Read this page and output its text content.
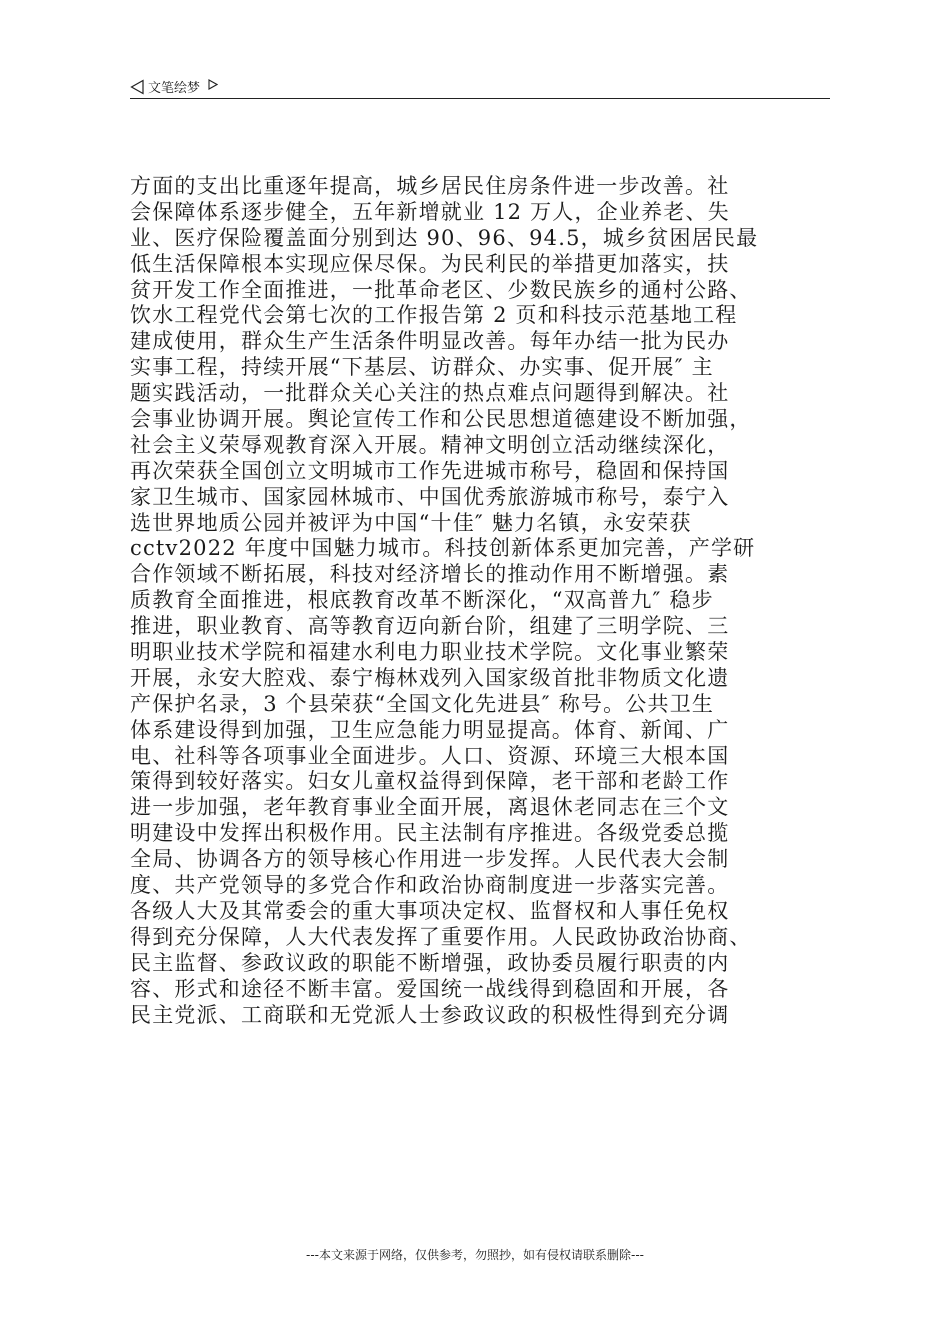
文笔绘梦
方面的支出比重逐年提高，城乡居民住房条件进一步改善。社
会保障体系逐步健全，五年新增就业 12 万人，企业养老、失
业、医疗保险覆盖面分别到达 90、96、94.5，城乡贫困居民最
低生活保障根本实现应保尽保。为民利民的举措更加落实，扶
贫开发工作全面推进，一批革命老区、少数民族乡的通村公路、
饮水工程党代会第七次的工作报告第 2 页和科技示范基地工程
建成使用，群众生产生活条件明显改善。每年办结一批为民办
实事工程，持续开展“下基层、访群众、办实事、促开展″ 主
题实践活动，一批群众关心关注的热点难点问题得到解决。社
会事业协调开展。舆论宣传工作和公民思想道德建设不断加强，
社会主义荣辱观教育深入开展。精神文明创立活动继续深化，
再次荣获全国创立文明城市工作先进城市称号，稳固和保持国
家卫生城市、国家园林城市、中国优秀旅游城市称号，泰宁入
选世界地质公园并被评为中国“十佳″ 魅力名镇，永安荣获
cctv2022 年度中国魅力城市。科技创新体系更加完善，产学研
合作领域不断拓展，科技对经济增长的推动作用不断增强。素
质教育全面推进，根底教育改革不断深化，“双高普九″ 稳步
推进，职业教育、高等教育迈向新台阶，组建了三明学院、三
明职业技术学院和福建水利电力职业技术学院。文化事业繁荣
开展，永安大腔戏、泰宁梅林戏列入国家级首批非物质文化遗
产保护名录，3 个县荣获“全国文化先进县″ 称号。公共卫生
体系建设得到加强，卫生应急能力明显提高。体育、新闻、广
电、社科等各项事业全面进步。人口、资源、环境三大根本国
策得到较好落实。妇女儿童权益得到保障，老干部和老龄工作
进一步加强，老年教育事业全面开展，离退休老同志在三个文
明建设中发挥出积极作用。民主法制有序推进。各级党委总揽
全局、协调各方的领导核心作用进一步发挥。人民代表大会制
度、共产党领导的多党合作和政治协商制度进一步落实完善。
各级人大及其常委会的重大事项决定权、监督权和人事任免权
得到充分保障，人大代表发挥了重要作用。人民政协政治协商、
民主监督、参政议政的职能不断增强，政协委员履行职责的内
容、形式和途径不断丰富。爱国统一战线得到稳固和开展，各
民主党派、工商联和无党派人士参政议政的积极性得到充分调
---本文来源于网络，仅供参考，勿照抄，如有侵权请联系删除---
